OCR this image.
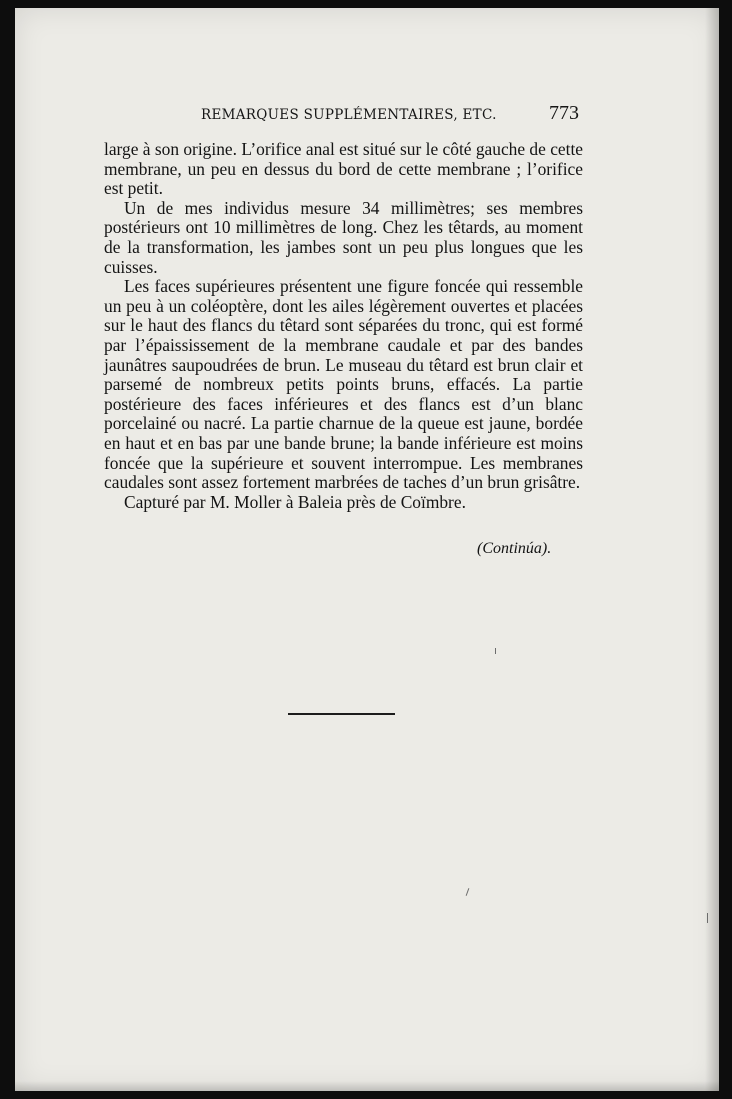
REMARQUES SUPPLÉMENTAIRES, ETC.	773

large à son origine. L’orifice anal est situé sur le côté gauche de cette membrane, un peu en dessus du bord de cette membrane ; l’orifice est petit.

Un de mes individus mesure 34 millimètres; ses membres postérieurs ont 10 millimètres de long. Chez les têtards, au moment de la transformation, les jambes sont un peu plus longues que les cuisses.

Les faces supérieures présentent une figure foncée qui ressemble un peu à un coléoptère, dont les ailes légèrement ouvertes et placées sur le haut des flancs du têtard sont séparées du tronc, qui est formé par l’épaississement de la membrane caudale et par des bandes jaunâtres saupoudrées de brun. Le museau du têtard est brun clair et parsemé de nombreux petits points bruns, effacés. La partie postérieure des faces inférieures et des flancs est d’un blanc porcelainé ou nacré. La partie charnue de la queue est jaune, bordée en haut et en bas par une bande brune; la bande inférieure est moins foncée que la supérieure et souvent interrompue. Les membranes caudales sont assez fortement marbrées de taches d’un brun grisâtre.

Capturé par M. Moller à Baleia près de Coïmbre.

(Continúa).
